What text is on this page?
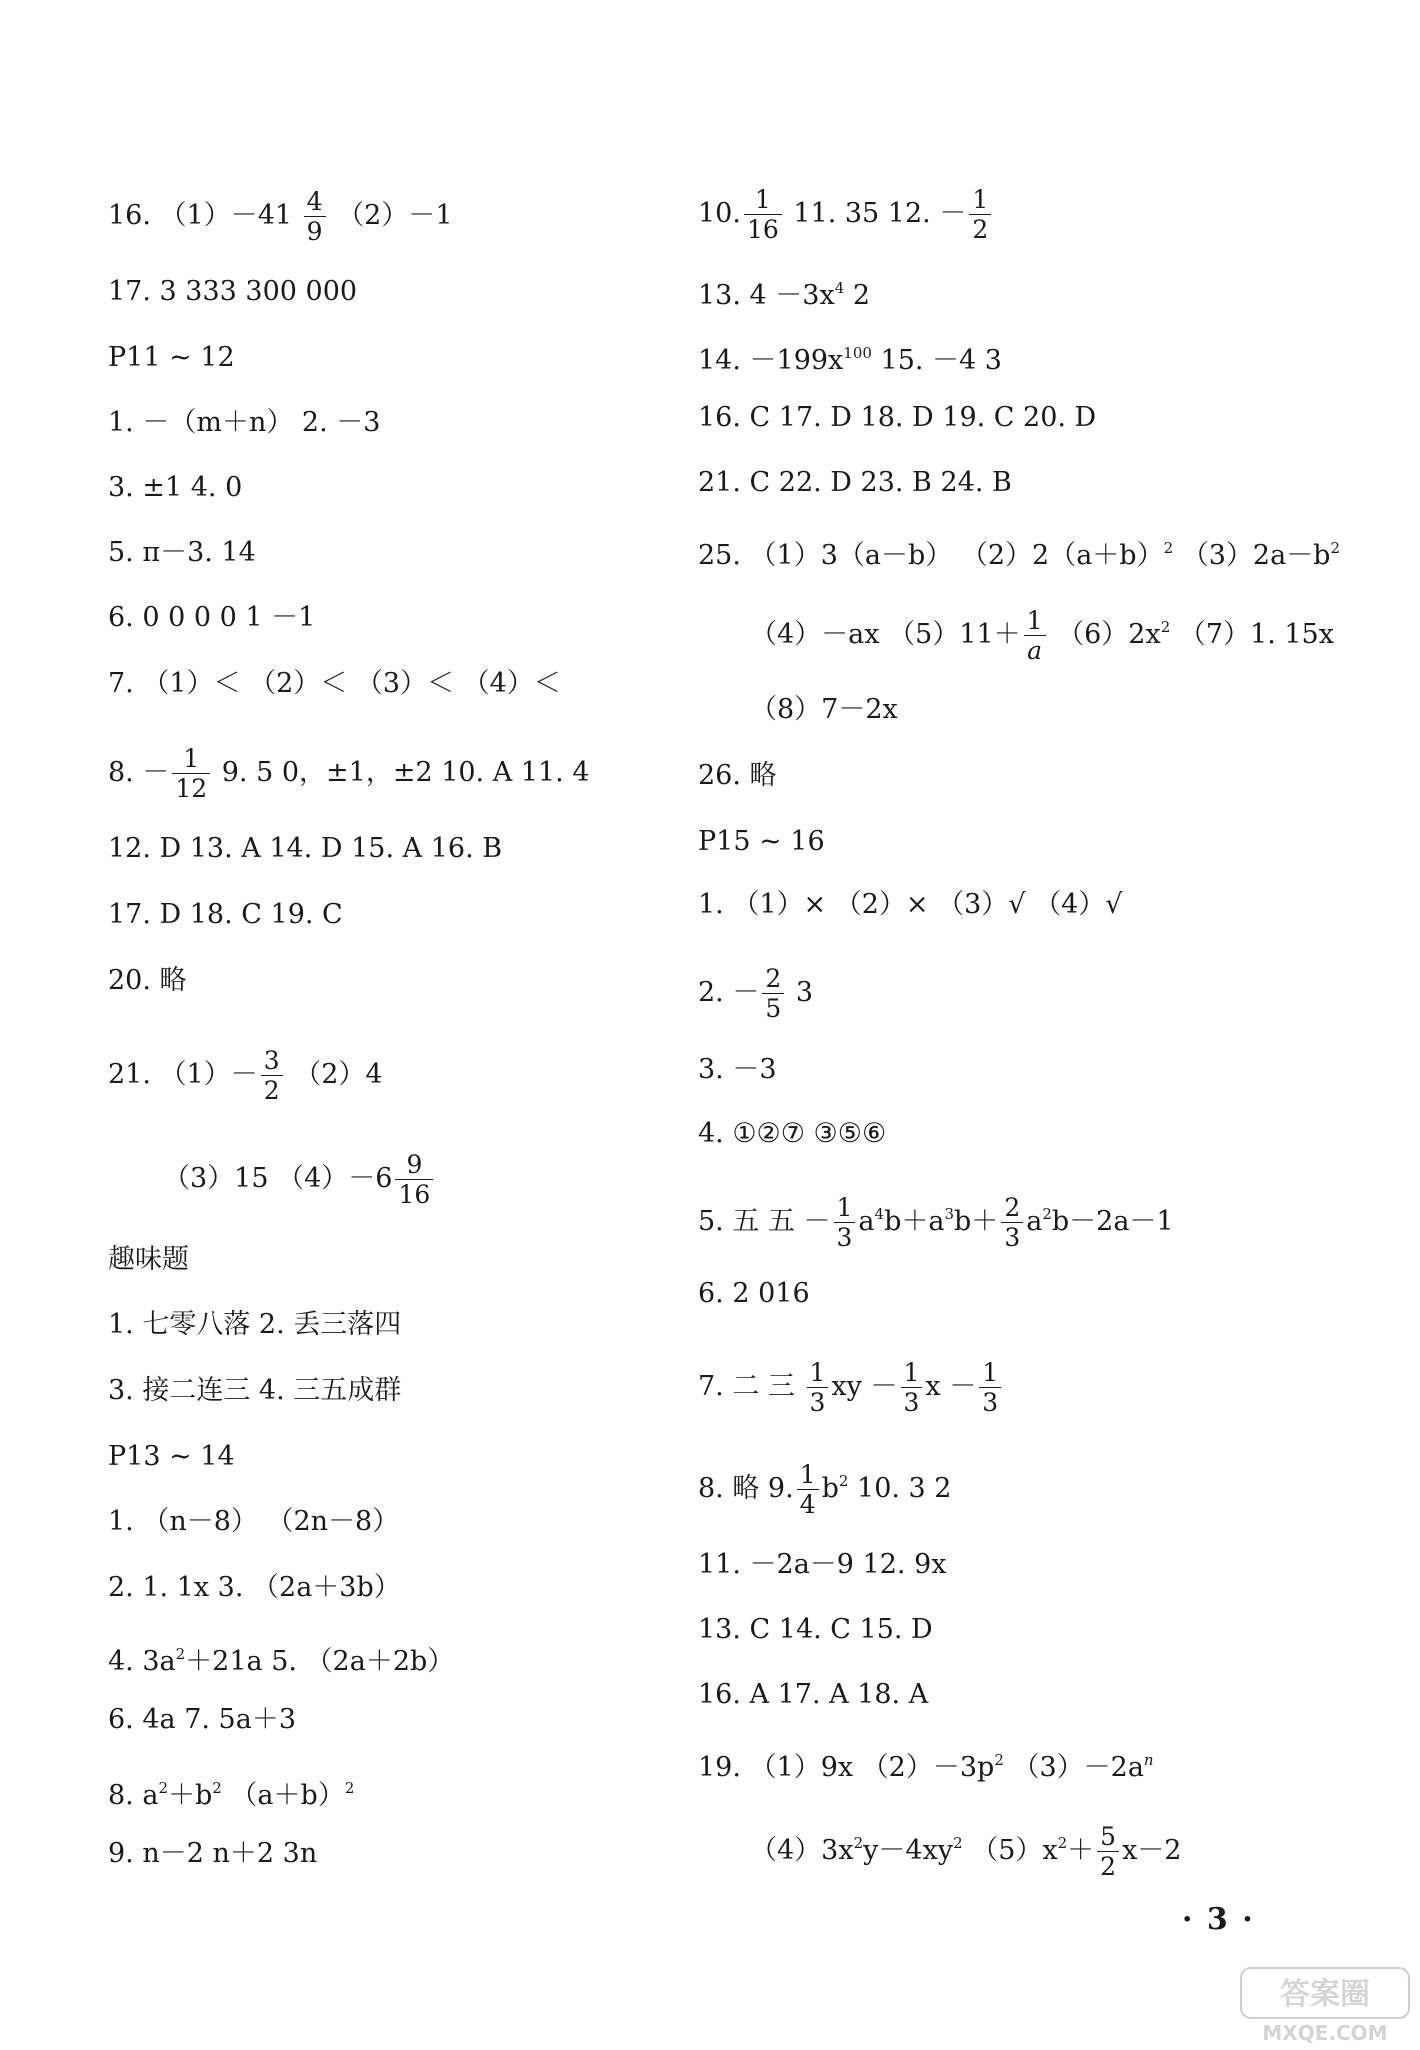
16. $(1)-41 \frac{4}{9} (2)-1$
17. 3 333 300 000
P11 ~ 12
1. －（m＋n） 2. －3
3. ±1 4. 0
5. π－3. 14
6. 0 0 0 0 1 －1
7. （1）＜ （2）＜ （3）＜ （4）＜
8. － $\frac{1}{12} 9$. 5 0，±1，±2 10. A 11. 4
12. D 13. A 14. D 15. A 16. B
17. D 18. C 19. C
20. 略
21. $(1)- \frac{3}{2} (2)4$
（3）15 $(4)-6 \frac{9}{16}$
趣味题
1. 七零八落 2. 丢三落四
3. 接二连三 4. 三五成群
P13 ~ 14
1. （n－8） （2n－8）
2. 1. 1x 3. （2a＋3b）
4. $3a^2+21a$ 5. （2a＋2b）
6. 4a 7. 5a＋3
8. $a^2+b^2$ $(a+b)^2$
9. n－2 n＋2 3n
10. $\frac{1}{16} 11$. 35 12. － $\frac{1}{2}$
13. $4 -3x^4$ 2
14. $-199x^{100}$ 15. －4 3
16. C 17. D 18. D 19. C 20. D
21. C 22. D 23. B 24. B
25. （1）3（a－b） $(2)2(a+b)^2$ $(3)2a-b^2$
（4）－ax $(5)11+ \frac{1}{a} (6)2x^2$ （7）1. 15x
（8）7－2x
26. 略
P15 ~ 16
1. （1）× （2）× （3）√ （4）√
2. － $\frac{2}{5} 3$
3. －3
4. ①②⑦ ③⑤⑥
5. 五 五 － $\frac{1}{3} a^4b+a^3b+ \frac{2}{3} a^2b-2a-1$
6. 2 016
7. 二 三 $\frac{1}{3}$ xy － $\frac{1}{3}$ $x - \frac{1}{3}$
8. 略 9. $\frac{1}{4} b^2$ 10. 3 2
11. －2a－9 12. 9x
13. C 14. C 15. D
16. A 17. A 18. A
19. （1）9x $(2)-3p^2$ $(3)-2a^n$
$(4)3x^2y-4xy^2$ $(5)x^2+ \frac{5}{2} x-2$
· 3 ·
答案圈
MXQE.COM
